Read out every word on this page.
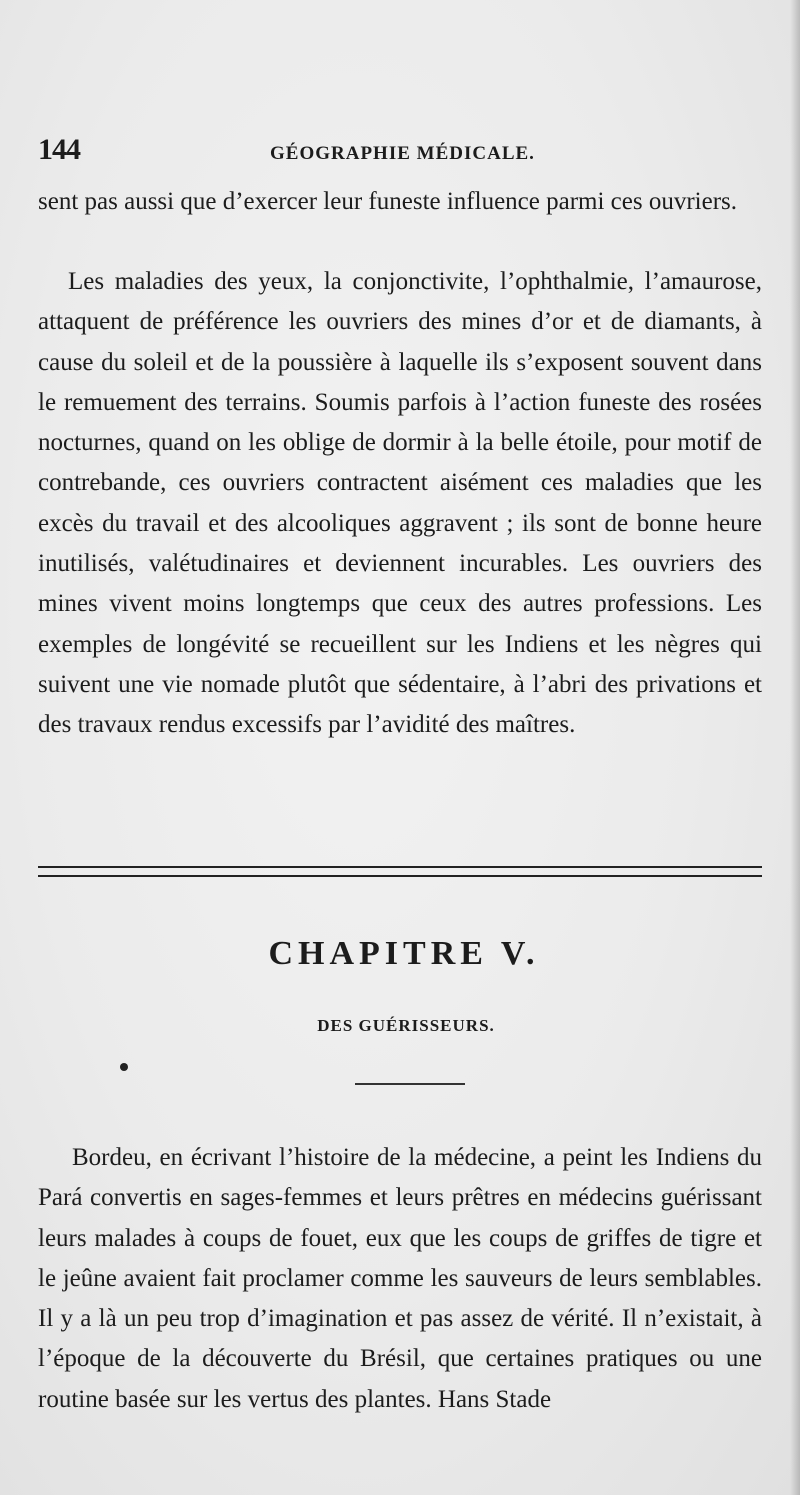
144	GÉOGRAPHIE MÉDICALE.

sent pas aussi que d’exercer leur funeste influence parmi ces ouvriers.

Les maladies des yeux, la conjonctivite, l’ophthalmie, l’amaurose, attaquent de préférence les ouvriers des mines d’or et de diamants, à cause du soleil et de la poussière à laquelle ils s’exposent souvent dans le remuement des terrains. Soumis parfois à l’action funeste des rosées nocturnes, quand on les oblige de dormir à la belle étoile, pour motif de contrebande, ces ouvriers contractent aisément ces maladies que les excès du travail et des alcooliques aggravent ; ils sont de bonne heure inutilisés, valétudinaires et deviennent incurables. Les ouvriers des mines vivent moins longtemps que ceux des autres professions. Les exemples de longévité se recueillent sur les Indiens et les nègres qui suivent une vie nomade plutôt que sédentaire, à l’abri des privations et des travaux rendus excessifs par l’avidité des maîtres.

CHAPITRE V.
DES GUÉRISSEURS.

Bordeu, en écrivant l’histoire de la médecine, a peint les Indiens du Pará convertis en sages-femmes et leurs prêtres en médecins guérissant leurs malades à coups de fouet, eux que les coups de griffes de tigre et le jeûne avaient fait proclamer comme les sauveurs de leurs semblables. Il y a là un peu trop d’imagination et pas assez de vérité. Il n’existait, à l’époque de la découverte du Brésil, que certaines pratiques ou une routine basée sur les vertus des plantes. Hans Stade
